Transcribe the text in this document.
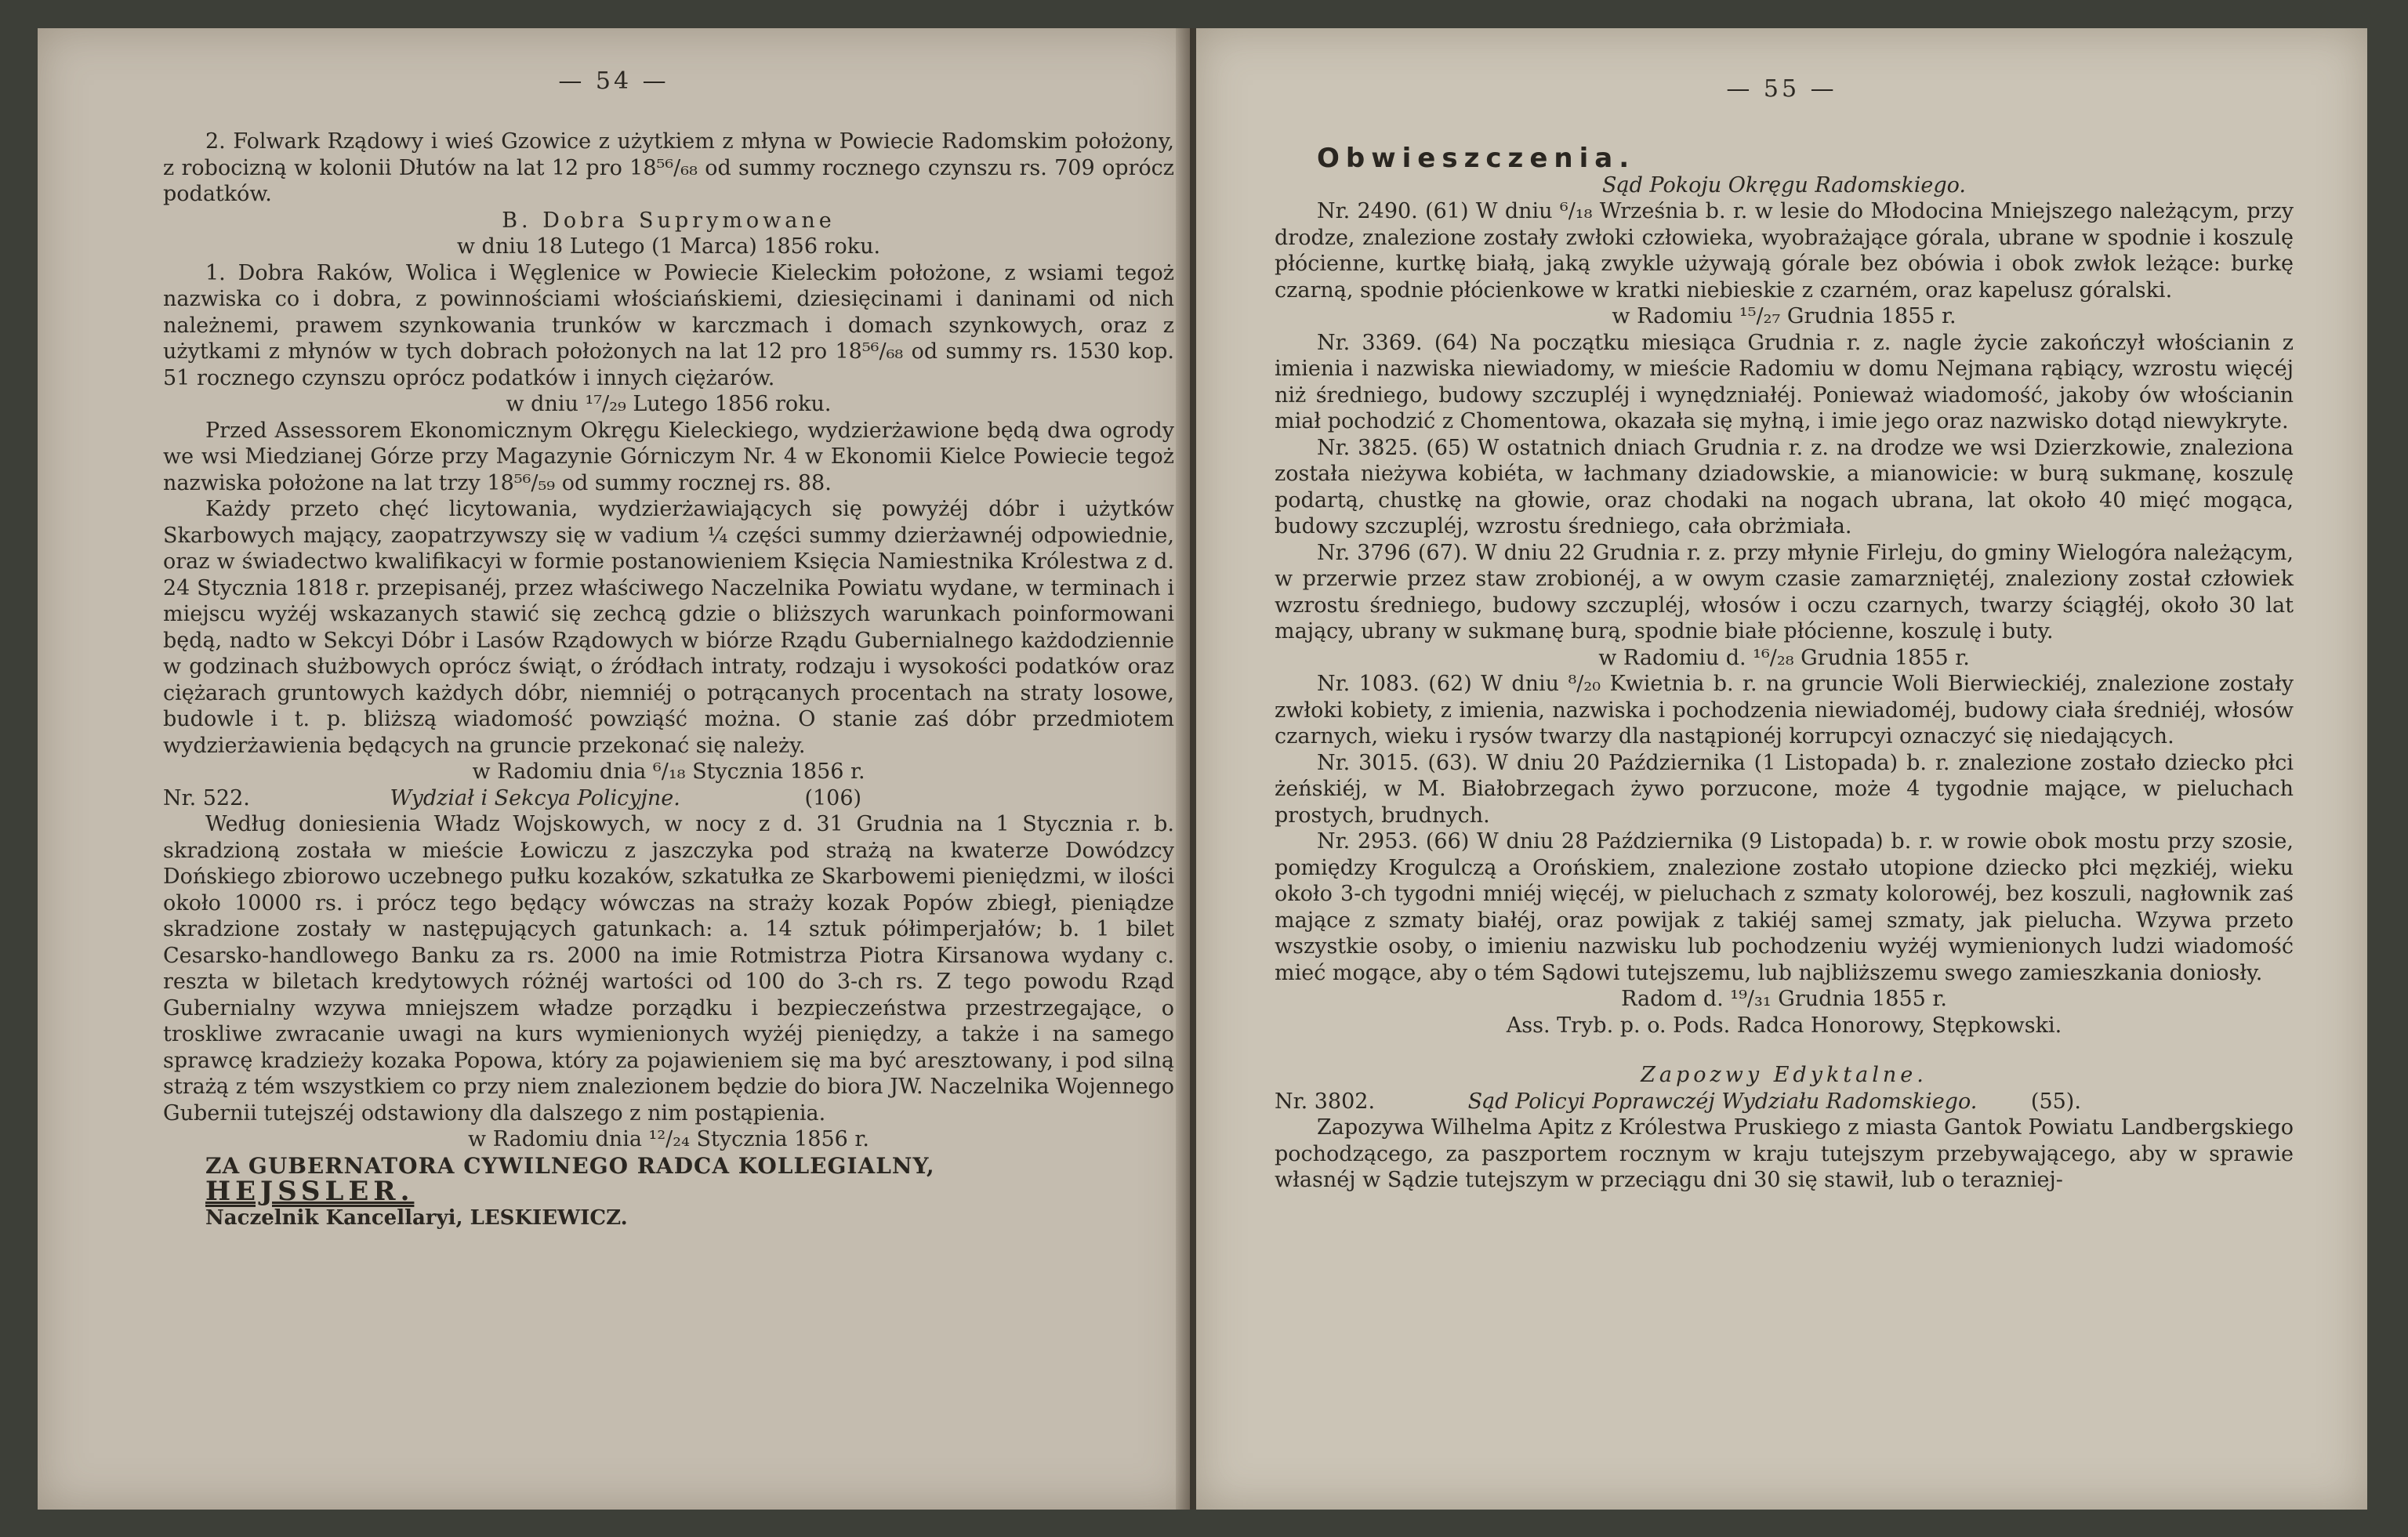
— 54 —

2. Folwark Rządowy i wieś Gzowice z użytkiem z młyna w Powiecie Radomskim położony, z robocizną w kolonii Dłutów na lat 12 pro 18⁵⁶/₆₈ od summy rocznego czynszu rs. 709 oprócz podatków.

B. Dobra Suprymowane

w dniu 18 Lutego (1 Marca) 1856 roku.

1. Dobra Raków, Wolica i Węglenice w Powiecie Kieleckim położone, z wsiami tegoż nazwiska co i dobra, z powinnościami włościańskiemi, dziesięcinami i daninami od nich należnemi, prawem szynkowania trunków w karczmach i domach szynkowych, oraz z użytkami z młynów w tych dobrach położonych na lat 12 pro 18⁵⁶/₆₈ od summy rs. 1530 kop. 51 rocznego czynszu oprócz podatków i innych ciężarów.

w dniu ¹⁷/₂₉ Lutego 1856 roku.

Przed Assessorem Ekonomicznym Okręgu Kieleckiego, wydzierżawione będą dwa ogrody we wsi Miedzianej Górze przy Magazynie Górniczym Nr. 4 w Ekonomii Kielce Powiecie tegoż nazwiska położone na lat trzy 18⁵⁶/₅₉ od summy rocznej rs. 88.

Każdy przeto chęć licytowania, wydzierżawiających się powyżéj dóbr i użytków Skarbowych mający, zaopatrzywszy się w vadium ¼ części summy dzierżawnéj odpowiednie, oraz w świadectwo kwalifikacyi w formie postanowieniem Księcia Namiestnika Królestwa z d. 24 Stycznia 1818 r. przepisanéj, przez właściwego Naczelnika Powiatu wydane, w terminach i miejscu wyżéj wskazanych stawić się zechcą gdzie o bliższych warunkach poinformowani będą, nadto w Sekcyi Dóbr i Lasów Rządowych w biórze Rządu Gubernialnego każdodziennie w godzinach służbowych oprócz świąt, o źródłach intraty, rodzaju i wysokości podatków oraz ciężarach gruntowych każdych dóbr, niemniéj o potrącanych procentach na straty losowe, budowle i t. p. bliższą wiadomość powziąść można. O stanie zaś dóbr przedmiotem wydzierżawienia będących na gruncie przekonać się należy.

w Radomiu dnia ⁶/₁₈ Stycznia 1856 r.

Nr. 522.	Wydział i Sekcya Policyjne.	(106)

Według doniesienia Władz Wojskowych, w nocy z d. 31 Grudnia na 1 Stycznia r. b. skradzioną została w mieście Łowiczu z jaszczyka pod strażą na kwaterze Dowódzcy Dońskiego zbiorowo uczebnego pułku kozaków, szkatułka ze Skarbowemi pieniędzmi, w ilości około 10000 rs. i prócz tego będący wówczas na straży kozak Popów zbiegł, pieniądze skradzione zostały w następujących gatunkach: a. 14 sztuk półimperjałów; b. 1 bilet Cesarsko-handlowego Banku za rs. 2000 na imie Rotmistrza Piotra Kirsanowa wydany c. reszta w biletach kredytowych różnéj wartości od 100 do 3-ch rs. Z tego powodu Rząd Gubernialny wzywa mniejszem władze porządku i bezpieczeństwa przestrzegające, o troskliwe zwracanie uwagi na kurs wymienionych wyżéj pieniędzy, a także i na samego sprawcę kradzieży kozaka Popowa, który za pojawieniem się ma być aresztowany, i pod silną strażą z tém wszystkiem co przy niem znalezionem będzie do biora JW. Naczelnika Wojennego Gubernii tutejszéj odstawiony dla dalszego z nim postąpienia.

w Radomiu dnia ¹²/₂₄ Stycznia 1856 r.

ZA GUBERNATORA CYWILNEGO RADCA KOLLEGIALNY,

HEJSSLER.

Naczelnik Kancellaryi, LESKIEWICZ.

— 55 —

Obwieszczenia.

Sąd Pokoju Okręgu Radomskiego.

Nr. 2490. (61) W dniu ⁶/₁₈ Września b. r. w lesie do Młodocina Mniejszego należącym, przy drodze, znalezione zostały zwłoki człowieka, wyobrażające górala, ubrane w spodnie i koszulę płócienne, kurtkę białą, jaką zwykle używają górale bez obówia i obok zwłok leżące: burkę czarną, spodnie płócienkowe w kratki niebieskie z czarném, oraz kapelusz góralski.

w Radomiu ¹⁵/₂₇ Grudnia 1855 r.

Nr. 3369. (64) Na początku miesiąca Grudnia r. z. nagle życie zakończył włościanin z imienia i nazwiska niewiadomy, w mieście Radomiu w domu Nejmana rąbiący, wzrostu więcéj niż średniego, budowy szczupléj i wynędzniałéj. Ponieważ wiadomość, jakoby ów włościanin miał pochodzić z Chomentowa, okazała się myłną, i imie jego oraz nazwisko dotąd niewykryte.

Nr. 3825. (65) W ostatnich dniach Grudnia r. z. na drodze we wsi Dzierzkowie, znaleziona została nieżywa kobiéta, w łachmany dziadowskie, a mianowicie: w burą sukmanę, koszulę podartą, chustkę na głowie, oraz chodaki na nogach ubrana, lat około 40 mięć mogąca, budowy szczupléj, wzrostu średniego, cała obrżmiała.

Nr. 3796 (67). W dniu 22 Grudnia r. z. przy młynie Firleju, do gminy Wielogóra należącym, w przerwie przez staw zrobionéj, a w owym czasie zamarzniętéj, znaleziony został człowiek wzrostu średniego, budowy szczupléj, włosów i oczu czarnych, twarzy ściągłéj, około 30 lat mający, ubrany w sukmanę burą, spodnie białe płócienne, koszulę i buty.

w Radomiu d. ¹⁶/₂₈ Grudnia 1855 r.

Nr. 1083. (62) W dniu ⁸/₂₀ Kwietnia b. r. na gruncie Woli Bierwieckiéj, znalezione zostały zwłoki kobiety, z imienia, nazwiska i pochodzenia niewiadoméj, budowy ciała średniéj, włosów czarnych, wieku i rysów twarzy dla nastąpionéj korrupcyi oznaczyć się niedających.

Nr. 3015. (63). W dniu 20 Października (1 Listopada) b. r. znalezione zostało dziecko płci żeńskiéj, w M. Białobrzegach żywo porzucone, może 4 tygodnie mające, w pieluchach prostych, brudnych.

Nr. 2953. (66) W dniu 28 Października (9 Listopada) b. r. w rowie obok mostu przy szosie, pomiędzy Krogulczą a Orońskiem, znalezione zostało utopione dziecko płci męzkiéj, wieku około 3-ch tygodni mniéj więcéj, w pieluchach z szmaty kolorowéj, bez koszuli, nagłownik zaś mające z szmaty białéj, oraz powijak z takiéj samej szmaty, jak pielucha. Wzywa przeto wszystkie osoby, o imieniu nazwisku lub pochodzeniu wyżéj wymienionych ludzi wiadomość mieć mogące, aby o tém Sądowi tutejszemu, lub najbliższemu swego zamieszkania doniosły.

Radom d. ¹⁹/₃₁ Grudnia 1855 r.

Ass. Tryb. p. o. Pods. Radca Honorowy, Stępkowski.

Zapozwy Edyktalne.

Nr. 3802.	Sąd Policyi Poprawczéj Wydziału Radomskiego.	(55).

Zapozywa Wilhelma Apitz z Królestwa Pruskiego z miasta Gantok Powiatu Landbergskiego pochodzącego, za paszportem rocznym w kraju tutejszym przebywającego, aby w sprawie własnéj w Sądzie tutejszym w przeciągu dni 30 się stawił, lub o terazniej-
